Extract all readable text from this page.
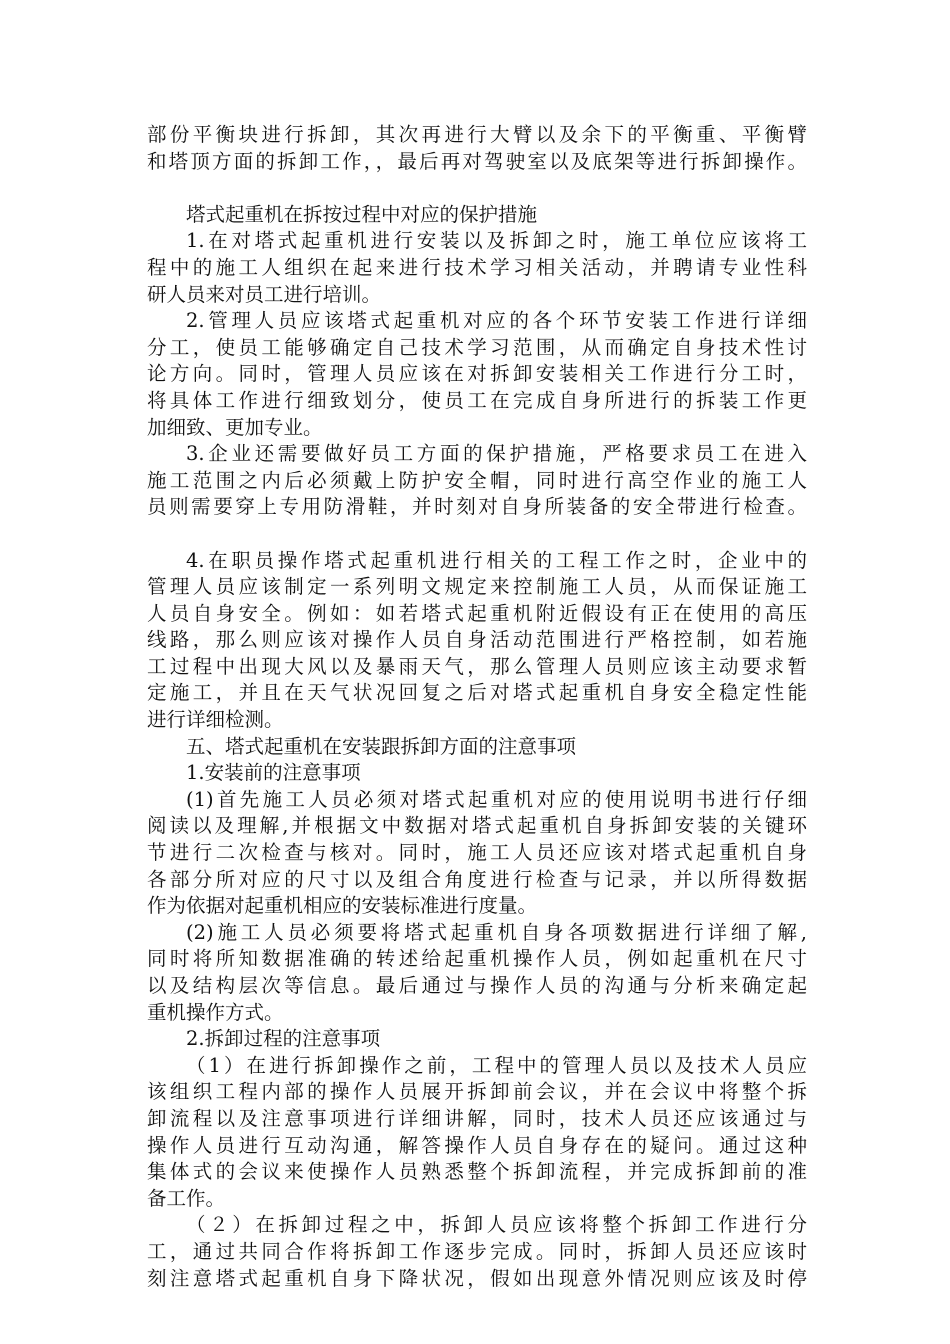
部份平衡块进行拆卸，其次再进行大臂以及余下的平衡重、平衡臂
和塔顶方面的拆卸工作，，最后再对驾驶室以及底架等进行拆卸操作。
塔式起重机在拆按过程中对应的保护措施
1.在对塔式起重机进行安装以及拆卸之时，施工单位应该将工
程中的施工人组织在起来进行技术学习相关活动，并聘请专业性科
研人员来对员工进行培训。
2.管理人员应该塔式起重机对应的各个环节安装工作进行详细
分工，使员工能够确定自己技术学习范围，从而确定自身技术性讨
论方向。同时，管理人员应该在对拆卸安装相关工作进行分工时，
将具体工作进行细致划分，使员工在完成自身所进行的拆装工作更
加细致、更加专业。
3.企业还需要做好员工方面的保护措施，严格要求员工在进入
施工范围之内后必须戴上防护安全帽，同时进行高空作业的施工人
员则需要穿上专用防滑鞋，并时刻对自身所装备的安全带进行检查。
4.在职员操作塔式起重机进行相关的工程工作之时，企业中的
管理人员应该制定一系列明文规定来控制施工人员，从而保证施工
人员自身安全。例如：如若塔式起重机附近假设有正在使用的高压
线路，那么则应该对操作人员自身活动范围进行严格控制，如若施
工过程中出现大风以及暴雨天气，那么管理人员则应该主动要求暂
定施工，并且在天气状况回复之后对塔式起重机自身安全稳定性能
进行详细检测。
五、塔式起重机在安装跟拆卸方面的注意事项
1.安装前的注意事项
(1)首先施工人员必须对塔式起重机对应的使用说明书进行仔细
阅读以及理解,并根据文中数据对塔式起重机自身拆卸安装的关键环
节进行二次检查与核对。同时，施工人员还应该对塔式起重机自身
各部分所对应的尺寸以及组合角度进行检查与记录，并以所得数据
作为依据对起重机相应的安装标准进行度量。
(2)施工人员必须要将塔式起重机自身各项数据进行详细了解,
同时将所知数据准确的转述给起重机操作人员，例如起重机在尺寸
以及结构层次等信息。最后通过与操作人员的沟通与分析来确定起
重机操作方式。
2.拆卸过程的注意事项
（1）在进行拆卸操作之前，工程中的管理人员以及技术人员应
该组织工程内部的操作人员展开拆卸前会议，并在会议中将整个拆
卸流程以及注意事项进行详细讲解，同时，技术人员还应该通过与
操作人员进行互动沟通，解答操作人员自身存在的疑问。通过这种
集体式的会议来使操作人员熟悉整个拆卸流程，并完成拆卸前的准
备工作。
（２）在拆卸过程之中，拆卸人员应该将整个拆卸工作进行分
工，通过共同合作将拆卸工作逐步完成。同时，拆卸人员还应该时
刻注意塔式起重机自身下降状况，假如出现意外情况则应该及时停
